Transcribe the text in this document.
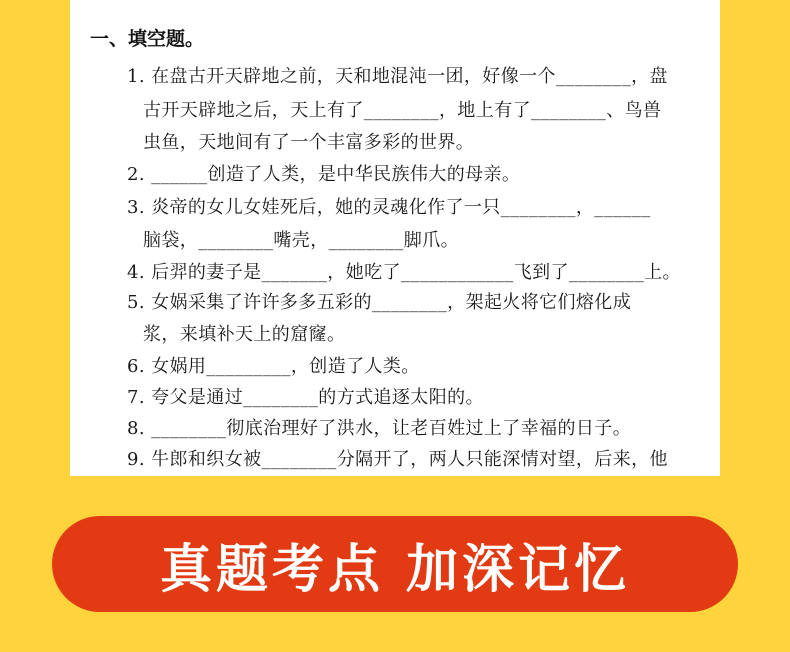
一、填空题。
1. 在盘古开天辟地之前，天和地混沌一团，好像一个________，盘
古开天辟地之后，天上有了________，地上有了________、鸟兽
虫鱼，天地间有了一个丰富多彩的世界。
2. ______创造了人类，是中华民族伟大的母亲。
3. 炎帝的女儿女娃死后，她的灵魂化作了一只________，______
脑袋，________嘴壳，________脚爪。
4. 后羿的妻子是_______，她吃了____________飞到了________上。
5. 女娲采集了许许多多五彩的________，架起火将它们熔化成
浆，来填补天上的窟窿。
6. 女娲用_________，创造了人类。
7. 夸父是通过________的方式追逐太阳的。
8. ________彻底治理好了洪水，让老百姓过上了幸福的日子。
9. 牛郎和织女被________分隔开了，两人只能深情对望，后来，他
真题考点 加深记忆
